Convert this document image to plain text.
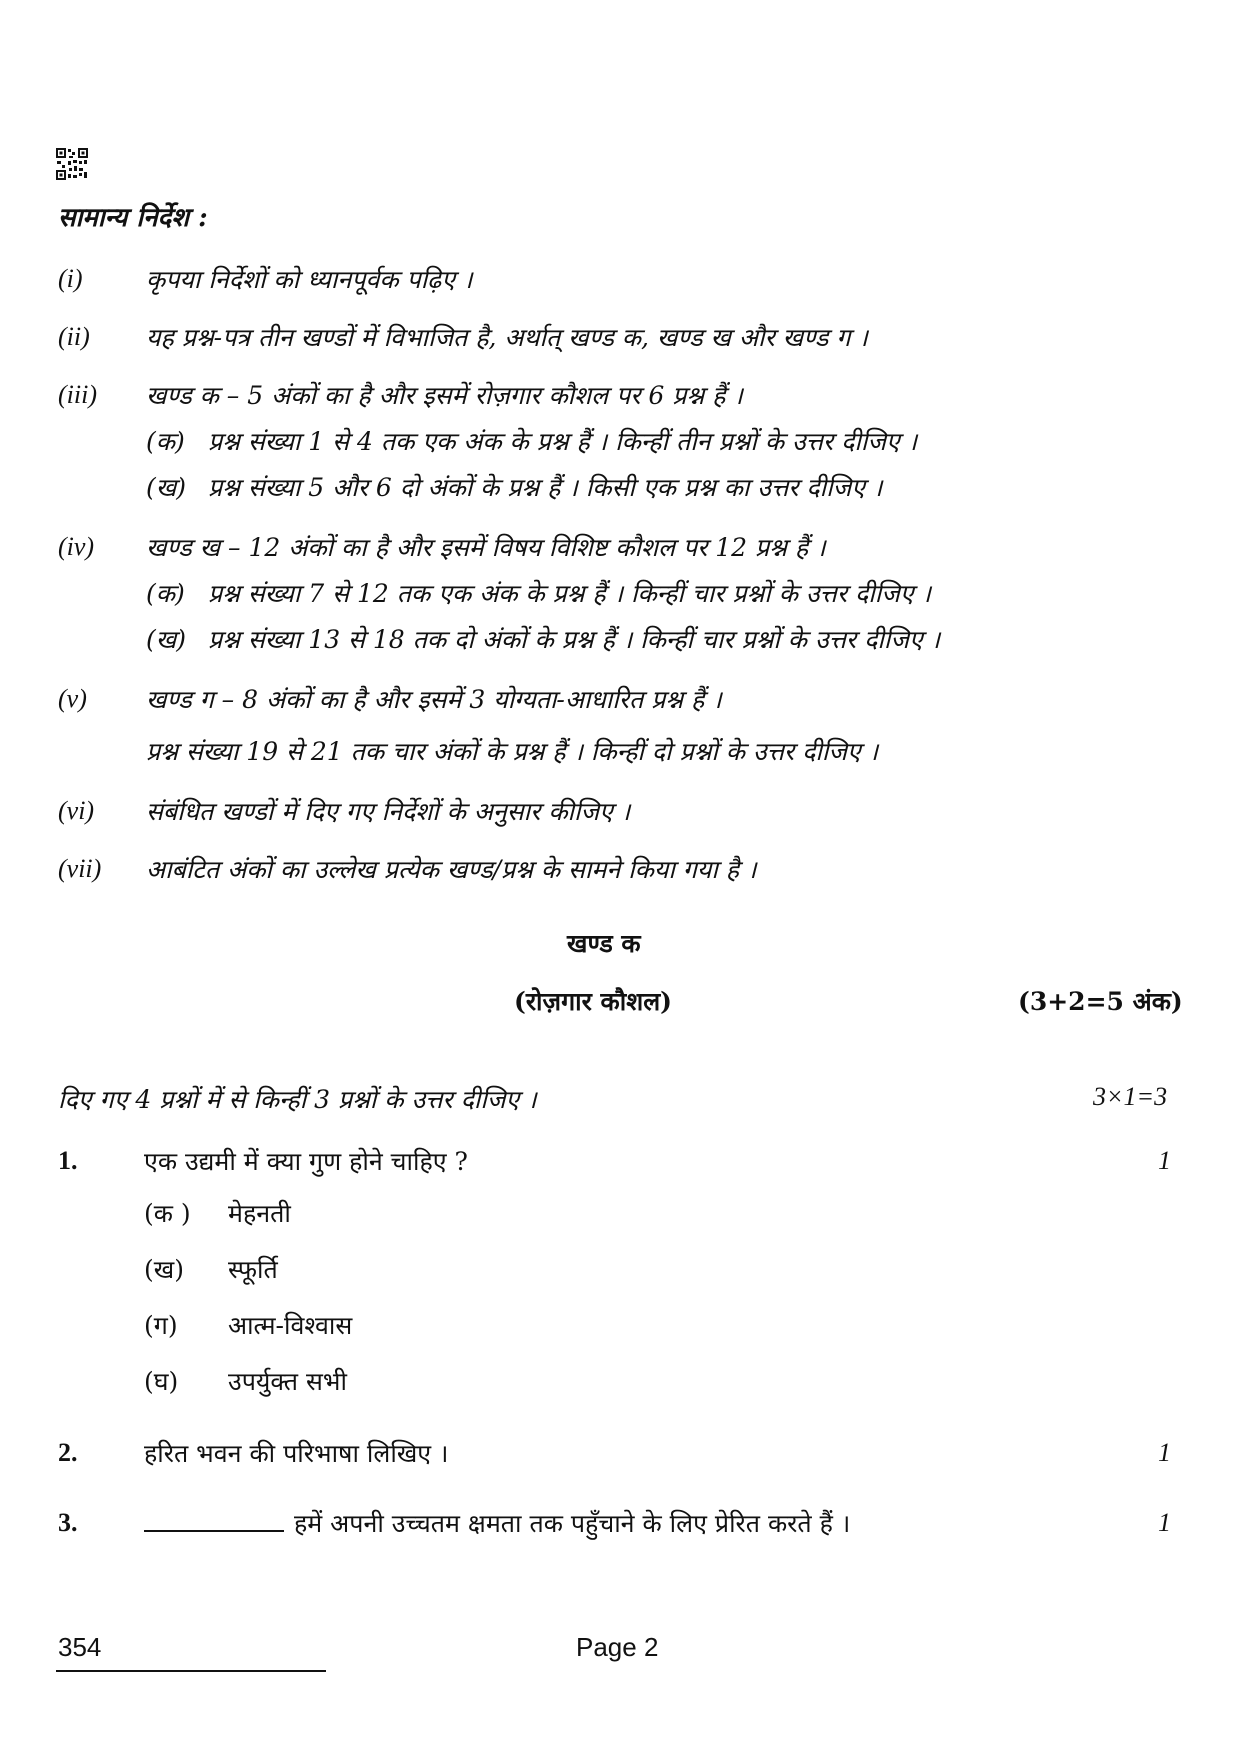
सामान्य निर्देश :
(i)	कृपया निर्देशों को ध्यानपूर्वक पढ़िए ।
(ii) यह प्रश्न-पत्र तीन खण्डों में विभाजित है, अर्थात् खण्ड क, खण्ड ख और खण्ड ग ।
(iii) खण्ड क – 5 अंकों का है और इसमें रोज़गार कौशल पर 6 प्रश्न हैं ।
(क) प्रश्न संख्या 1 से 4 तक एक अंक के प्रश्न हैं । किन्हीं तीन प्रश्नों के उत्तर दीजिए ।
(ख) प्रश्न संख्या 5 और 6 दो अंकों के प्रश्न हैं । किसी एक प्रश्न का उत्तर दीजिए ।
(iv) खण्ड ख – 12 अंकों का है और इसमें विषय विशिष्ट कौशल पर 12 प्रश्न हैं ।
(क) प्रश्न संख्या 7 से 12 तक एक अंक के प्रश्न हैं । किन्हीं चार प्रश्नों के उत्तर दीजिए ।
(ख) प्रश्न संख्या 13 से 18 तक दो अंकों के प्रश्न हैं । किन्हीं चार प्रश्नों के उत्तर दीजिए ।
(v) खण्ड ग – 8 अंकों का है और इसमें 3 योग्यता-आधारित प्रश्न हैं ।
प्रश्न संख्या 19 से 21 तक चार अंकों के प्रश्न हैं । किन्हीं दो प्रश्नों के उत्तर दीजिए ।
(vi) संबंधित खण्डों में दिए गए निर्देशों के अनुसार कीजिए ।
(vii) आबंटित अंकों का उल्लेख प्रत्येक खण्ड/प्रश्न के सामने किया गया है ।
खण्ड क
(रोज़गार कौशल)	(3+2=5 अंक)
दिए गए 4 प्रश्नों में से किन्हीं 3 प्रश्नों के उत्तर दीजिए ।	3×1=3
1.	एक उद्यमी में क्या गुण होने चाहिए ?	1
(क ) मेहनती
(ख) स्फूर्ति
(ग) आत्म-विश्वास
(घ) उपर्युक्त सभी
2.	हरित भवन की परिभाषा लिखिए ।	1
3.	हमें अपनी उच्चतम क्षमता तक पहुँचाने के लिए प्रेरित करते हैं ।	1
354	Page 2
